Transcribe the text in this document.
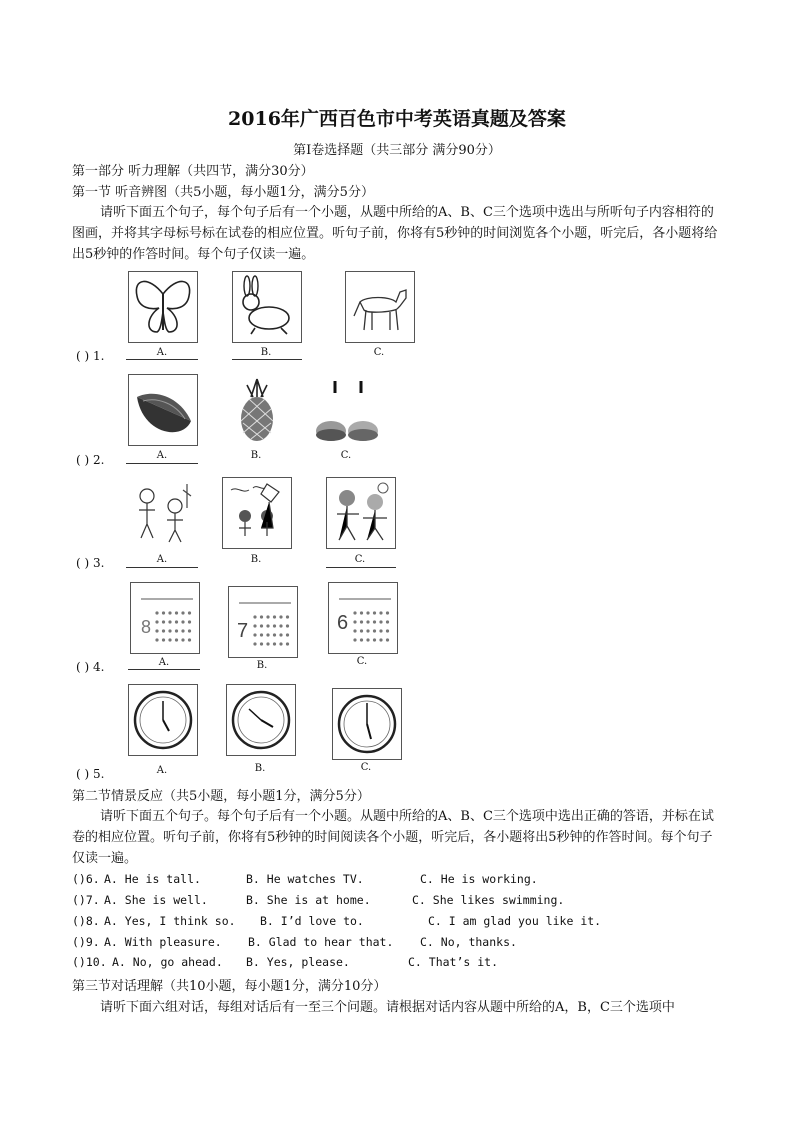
2016年广西百色市中考英语真题及答案
第Ⅰ卷选择题（共三部分 满分90分）
第一部分 听力理解（共四节，满分30分）
第一节 听音辨图（共5小题，每小题1分，满分5分）
请听下面五个句子，每个句子后有一个小题，从题中所给的A、B、C三个选项中选出与所听句子内容相符的图画，并将其字母标号标在试卷的相应位置。听句子前，你将有5秒钟的时间浏览各个小题，听完后，各小题将给出5秒钟的作答时间。每个句子仅读一遍。
( ) 1.	A.	B.	C.
( ) 2.	A.	B.	C.
( ) 3.	A.	B.	C.
( ) 4.
8	7	6
A.	B.	C.
( ) 5.	A.	B.	C.
第二节情景反应（共5小题，每小题1分，满分5分）
请听下面五个句子。每个句子后有一个小题。从题中所给的A、B、C三个选项中选出正确的答语，并标在试卷的相应位置。听句子前，你将有5秒钟的时间阅读各个小题，听完后，各小题将出5秒钟的作答时间。每个句子仅读一遍。
()6. A. He is tall.	B. He watches TV.	C. He is working.
()7. A. She is well.	B. She is at home.	C. She likes swimming.
()8. A. Yes, I think so. B. I’d love to.	C. I am glad you like it.
()9. A. With pleasure. B. Glad to hear that. C. No, thanks.
()10. A. No, go ahead. B. Yes, please.	C. That’s it.
第三节对话理解（共10小题，每小题1分，满分10分）
请听下面六组对话，每组对话后有一至三个问题。请根据对话内容从题中所给的A，B，C三个选项中
